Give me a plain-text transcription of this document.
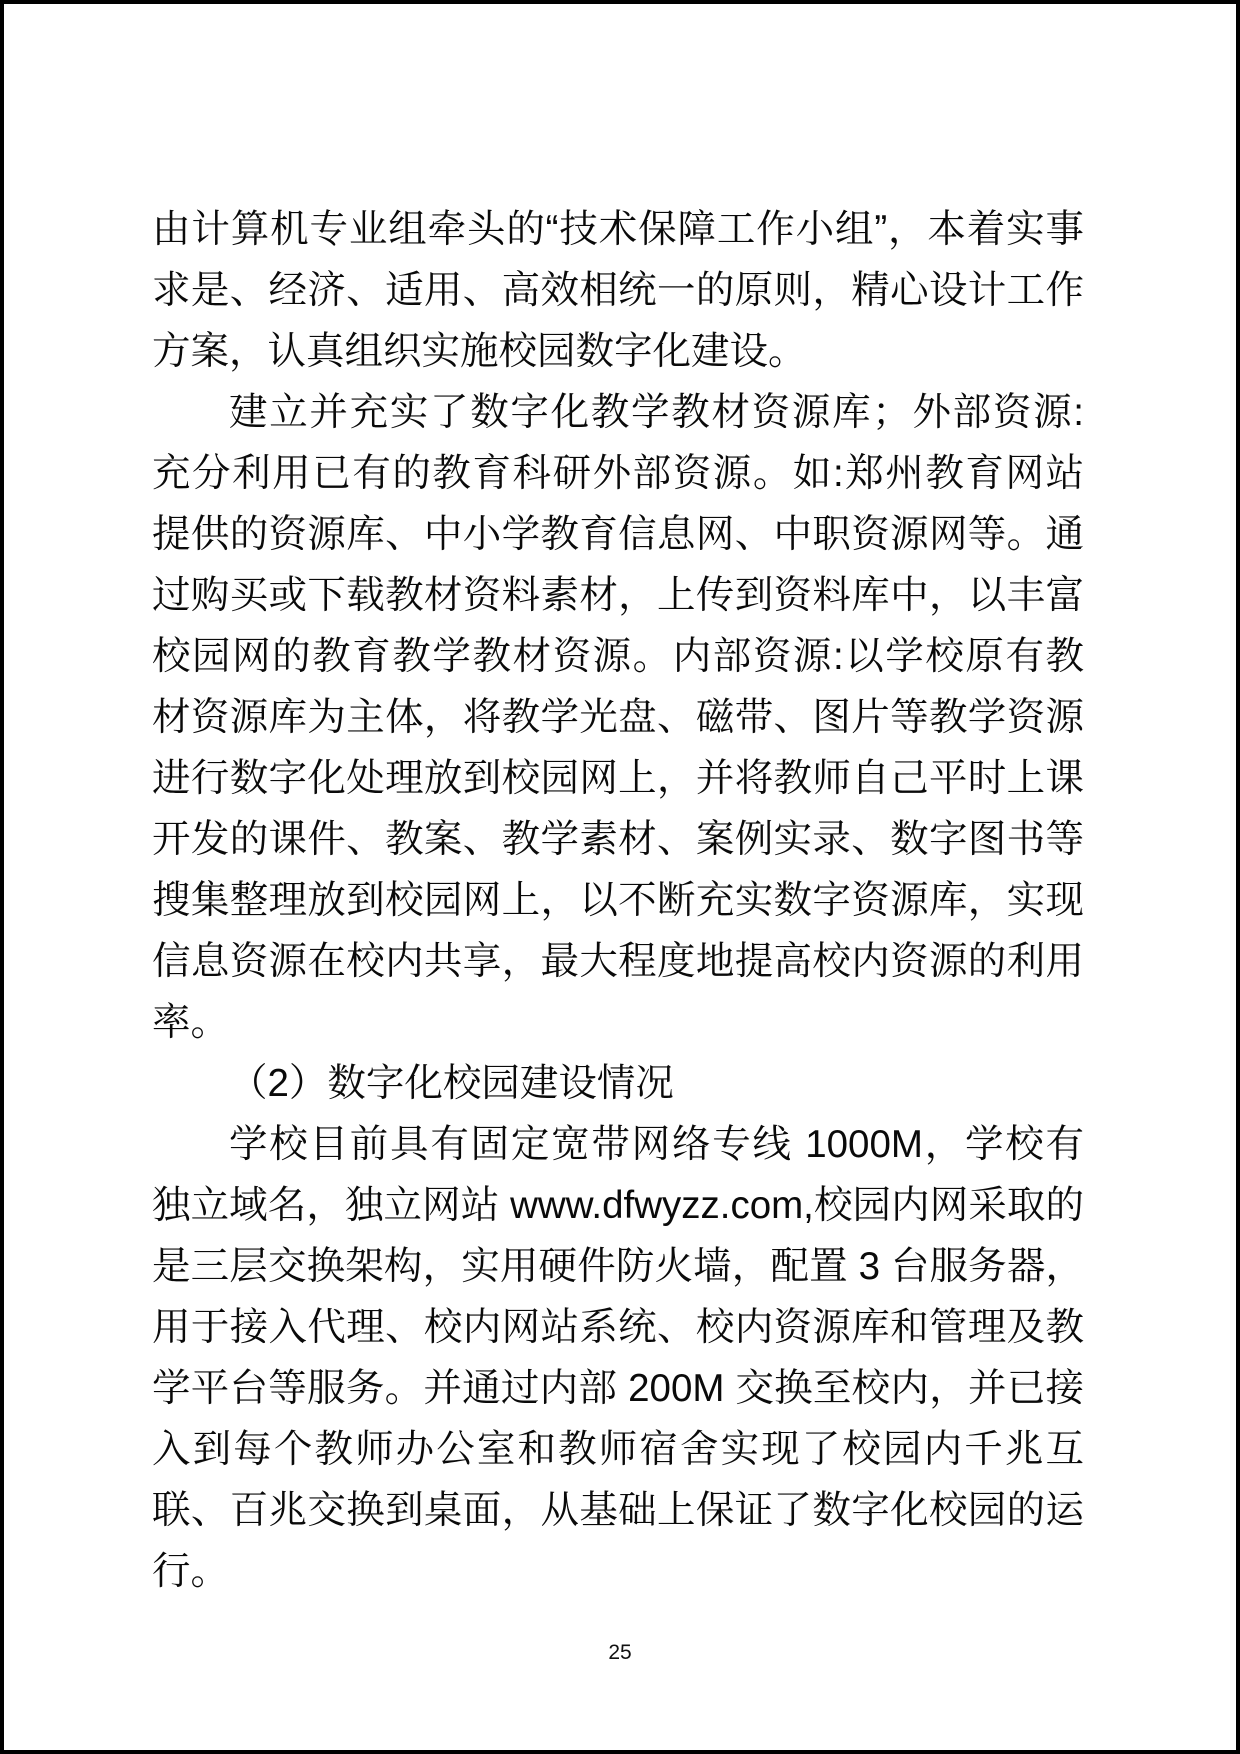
由计算机专业组牵头的“技术保障工作小组”，本着实事求是、经济、适用、高效相统一的原则，精心设计工作方案，认真组织实施校园数字化建设。

建立并充实了数字化教学教材资源库；外部资源:充分利用已有的教育科研外部资源。如:郑州教育网站提供的资源库、中小学教育信息网、中职资源网等。通过购买或下载教材资料素材，上传到资料库中，以丰富校园网的教育教学教材资源。内部资源:以学校原有教材资源库为主体，将教学光盘、磁带、图片等教学资源进行数字化处理放到校园网上，并将教师自己平时上课开发的课件、教案、教学素材、案例实录、数字图书等搜集整理放到校园网上，以不断充实数字资源库，实现信息资源在校内共享，最大程度地提高校内资源的利用率。

（2）数字化校园建设情况

学校目前具有固定宽带网络专线 1000M，学校有独立域名，独立网站 www.dfwyzz.com,校园内网采取的是三层交换架构，实用硬件防火墙，配置 3 台服务器，用于接入代理、校内网站系统、校内资源库和管理及教学平台等服务。并通过内部 200M 交换至校内，并已接入到每个教师办公室和教师宿舍实现了校园内千兆互联、百兆交换到桌面，从基础上保证了数字化校园的运行。

25
